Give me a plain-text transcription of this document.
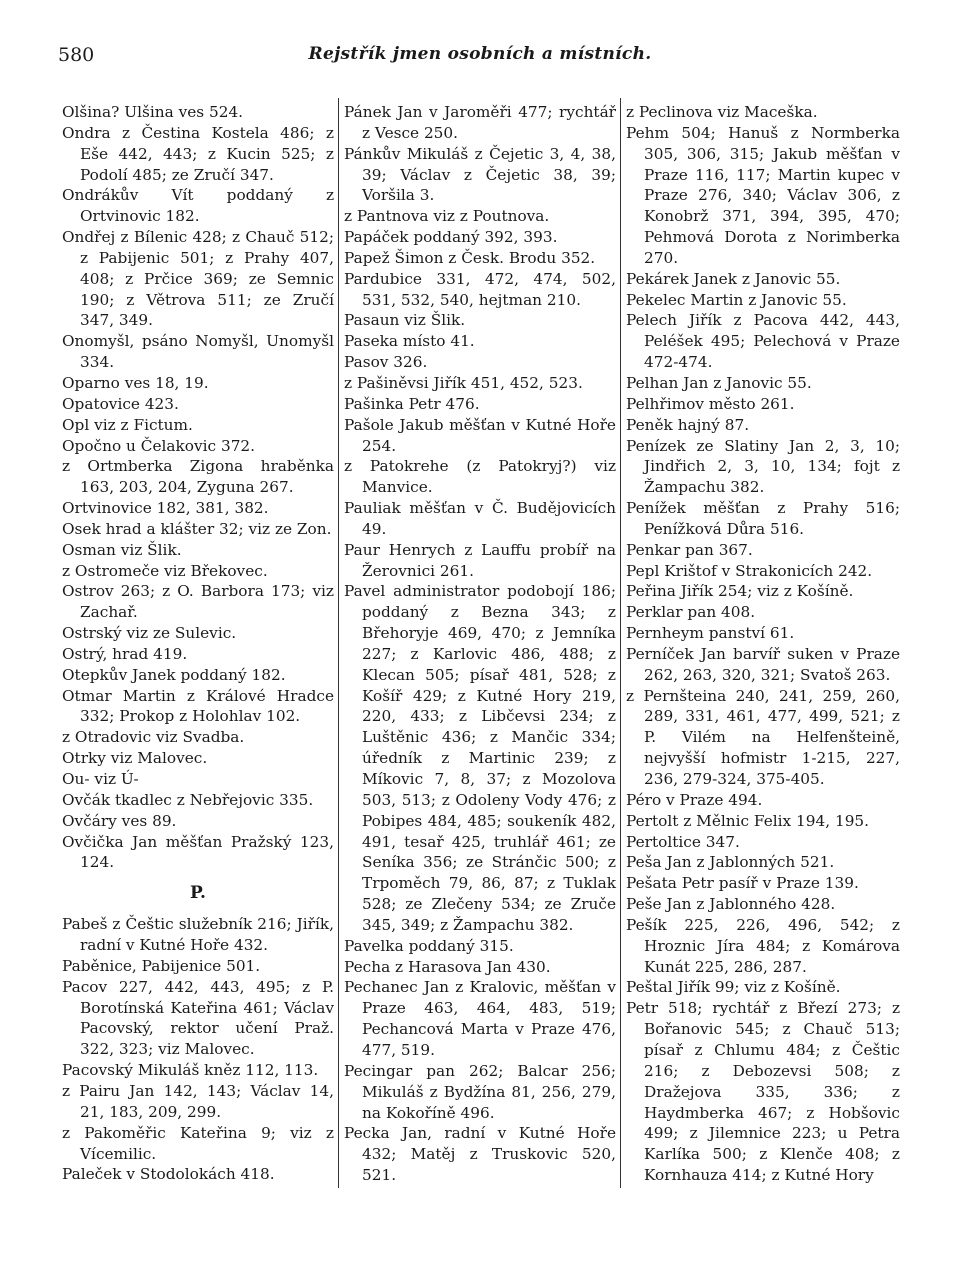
580	Rejstřík jmen osobních a místních.

Olšina? Ulšina ves 524.

Ondra z Čestina Kostela 486; z Eše 442, 443; z Kucin 525; z Podolí 485; ze Zručí 347.

Ondrákův Vít poddaný z Ortvinovic 182.

Ondřej z Bílenic 428; z Chauč 512; z Pabijenic 501; z Prahy 407, 408; z Prčice 369; ze Semnic 190; z Větrova 511; ze Zručí 347, 349.

Onomyšl, psáno Nomyšl, Unomyšl 334.

Oparno ves 18, 19.

Opatovice 423.

Opl viz z Fictum.

Opočno u Čelakovic 372.

z Ortmberka Zigona hraběnka 163, 203, 204, Zyguna 267.

Ortvinovice 182, 381, 382.

Osek hrad a klášter 32; viz ze Zon.

Osman viz Šlik.

z Ostromeče viz Břekovec.

Ostrov 263; z O. Barbora 173; viz Zachař.

Ostrský viz ze Sulevic.

Ostrý, hrad 419.

Otepkův Janek poddaný 182.

Otmar Martin z Králové Hradce 332; Prokop z Holohlav 102.

z Otradovic viz Svadba.

Otrky viz Malovec.

Ou- viz Ú-

Ovčák tkadlec z Nebřejovic 335.

Ovčáry ves 89.

Ovčička Jan měšťan Pražský 123, 124.

P.

Pabeš z Češtic služebník 216; Jiřík, radní v Kutné Hoře 432.

Paběnice, Pabijenice 501.

Pacov 227, 442, 443, 495; z P. Borotínská Kateřina 461; Václav Pacovský, rektor učení Praž. 322, 323; viz Malovec.

Pacovský Mikuláš kněz 112, 113.

z Pairu Jan 142, 143; Václav 14, 21, 183, 209, 299.

z Pakoměřic Kateřina 9; viz z Vícemilic.

Paleček v Stodolokách 418.

Pánek Jan v Jaroměři 477; rychtář z Vesce 250.

Pánkův Mikuláš z Čejetic 3, 4, 38, 39; Václav z Čejetic 38, 39; Voršila 3.

z Pantnova viz z Poutnova.

Papáček poddaný 392, 393.

Papež Šimon z Česk. Brodu 352.

Pardubice 331, 472, 474, 502, 531, 532, 540, hejtman 210.

Pasaun viz Šlik.

Paseka místo 41.

Pasov 326.

z Pašiněvsi Jiřík 451, 452, 523.

Pašinka Petr 476.

Pašole Jakub měšťan v Kutné Hoře 254.

z Patokrehe (z Patokryj?) viz Manvice.

Pauliak měšťan v Č. Budějovicích 49.

Paur Henrych z Lauffu probíř na Žerovnici 261.

Pavel administrator podobojí 186; poddaný z Bezna 343; z Břehoryje 469, 470; z Jemníka 227; z Karlovic 486, 488; z Klecan 505; písař 481, 528; z Košíř 429; z Kutné Hory 219, 220, 433; z Libčevsi 234; z Luštěnic 436; z Mančic 334; úředník z Martinic 239; z Míkovic 7, 8, 37; z Mozolova 503, 513; z Odoleny Vody 476; z Pobipes 484, 485; soukeník 482, 491, tesař 425, truhlář 461; ze Seníka 356; ze Stránčic 500; z Trpoměch 79, 86, 87; z Tuklak 528; ze Zlečeny 534; ze Zruče 345, 349; z Žampachu 382.

Pavelka poddaný 315.

Pecha z Harasova Jan 430.

Pechanec Jan z Kralovic, měšťan v Praze 463, 464, 483, 519; Pechancová Marta v Praze 476, 477, 519.

Pecingar pan 262; Balcar 256; Mikuláš z Bydžína 81, 256, 279, na Kokoříně 496.

Pecka Jan, radní v Kutné Hoře 432; Matěj z Truskovic 520, 521.

z Peclinova viz Maceška.

Pehm 504; Hanuš z Normberka 305, 306, 315; Jakub měšťan v Praze 116, 117; Martin kupec v Praze 276, 340; Václav 306, z Konobrž 371, 394, 395, 470; Pehmová Dorota z Norimberka 270.

Pekárek Janek z Janovic 55.

Pekelec Martin z Janovic 55.

Pelech Jiřík z Pacova 442, 443, Peléšek 495; Pelechová v Praze 472-474.

Pelhan Jan z Janovic 55.

Pelhřimov město 261.

Peněk hajný 87.

Penízek ze Slatiny Jan 2, 3, 10; Jindřich 2, 3, 10, 134; fojt z Žampachu 382.

Penížek měšťan z Prahy 516; Penížková Důra 516.

Penkar pan 367.

Pepl Krištof v Strakonicích 242.

Peřina Jiřík 254; viz z Košíně.

Perklar pan 408.

Pernheym panství 61.

Perníček Jan barvíř suken v Praze 262, 263, 320, 321; Svatoš 263.

z Pernšteina 240, 241, 259, 260, 289, 331, 461, 477, 499, 521; z P. Vilém na Helfenšteině, nejvyšší hofmistr 1-215, 227, 236, 279-324, 375-405.

Péro v Praze 494.

Pertolt z Mělnic Felix 194, 195.

Pertoltice 347.

Peša Jan z Jablonných 521.

Pešata Petr pasíř v Praze 139.

Peše Jan z Jablonného 428.

Pešík 225, 226, 496, 542; z Hroznic Jíra 484; z Komárova Kunát 225, 286, 287.

Peštal Jiřík 99; viz z Košíně.

Petr 518; rychtář z Březí 273; z Bořanovic 545; z Chauč 513; písař z Chlumu 484; z Češtic 216; z Debozevsi 508; z Dražejova 335, 336; z Haydmberka 467; z Hobšovic 499; z Jilemnice 223; u Petra Karlíka 500; z Klenče 408; z Kornhauza 414; z Kutné Hory
